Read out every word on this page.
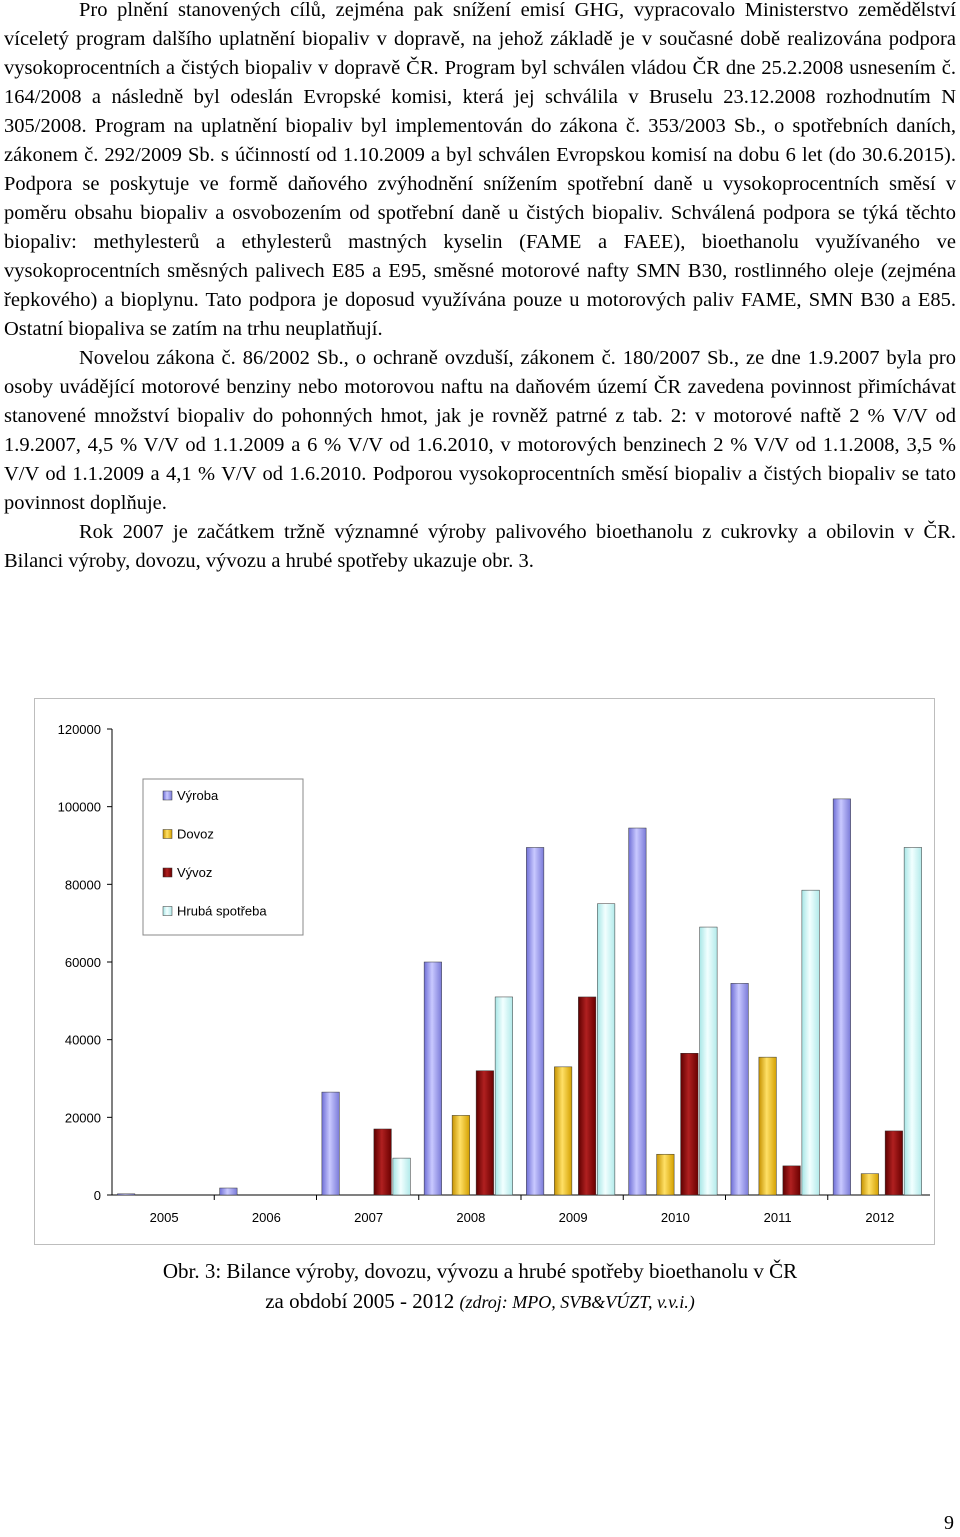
Pro plnění stanovených cílů, zejména pak snížení emisí GHG, vypracovalo Ministerstvo zemědělství víceletý program dalšího uplatnění biopaliv v dopravě, na jehož základě je v současné době realizována podpora vysokoprocentních a čistých biopaliv v dopravě ČR. Program byl schválen vládou ČR dne 25.2.2008 usnesením č. 164/2008 a následně byl odeslán Evropské komisi, která jej schválila v Bruselu 23.12.2008 rozhodnutím N 305/2008. Program na uplatnění biopaliv byl implementován do zákona č. 353/2003 Sb., o spotřebních daních, zákonem č. 292/2009 Sb. s účinností od 1.10.2009 a byl schválen Evropskou komisí na dobu 6 let (do 30.6.2015). Podpora se poskytuje ve formě daňového zvýhodnění snížením spotřební daně u vysokoprocentních směsí v poměru obsahu biopaliv a osvobozením od spotřební daně u čistých biopaliv. Schválená podpora se týká těchto biopaliv: methylesterů a ethylesterů mastných kyselin (FAME a FAEE), bioethanolu využívaného ve vysokoprocentních směsných palivech E85 a E95, směsné motorové nafty SMN B30, rostlinného oleje (zejména řepkového) a bioplynu. Tato podpora je doposud využívána pouze u motorových paliv FAME, SMN B30 a E85. Ostatní biopaliva se zatím na trhu neuplatňují.

Novelou zákona č. 86/2002 Sb., o ochraně ovzduší, zákonem č. 180/2007 Sb., ze dne 1.9.2007 byla pro osoby uvádějící motorové benziny nebo motorovou naftu na daňovém území ČR zavedena povinnost přimíchávat stanovené množství biopaliv do pohonných hmot, jak je rovněž patrné z tab. 2: v motorové naftě 2 % V/V od 1.9.2007, 4,5 % V/V od 1.1.2009 a 6 % V/V od 1.6.2010, v motorových benzinech 2 % V/V od 1.1.2008, 3,5 % V/V od 1.1.2009 a 4,1 % V/V od 1.6.2010. Podporou vysokoprocentních směsí biopaliv a čistých biopaliv se tato povinnost doplňuje.

Rok 2007 je začátkem tržně významné výroby palivového bioethanolu z cukrovky a obilovin v ČR. Bilanci výroby, dovozu, vývozu a hrubé spotřeby ukazuje obr. 3.

0
20000
40000
60000
80000
100000
120000
2005	2006	2007	2008	2009	2010	2011	2012
Výroba
Dovoz
Vývoz
Hrubá spotřeba
Obr. 3: Bilance výroby, dovozu, vývozu a hrubé spotřeby bioethanolu v ČR
za období 2005 - 2012 (zdroj: MPO, SVB&VÚZT, v.v.i.)
9
